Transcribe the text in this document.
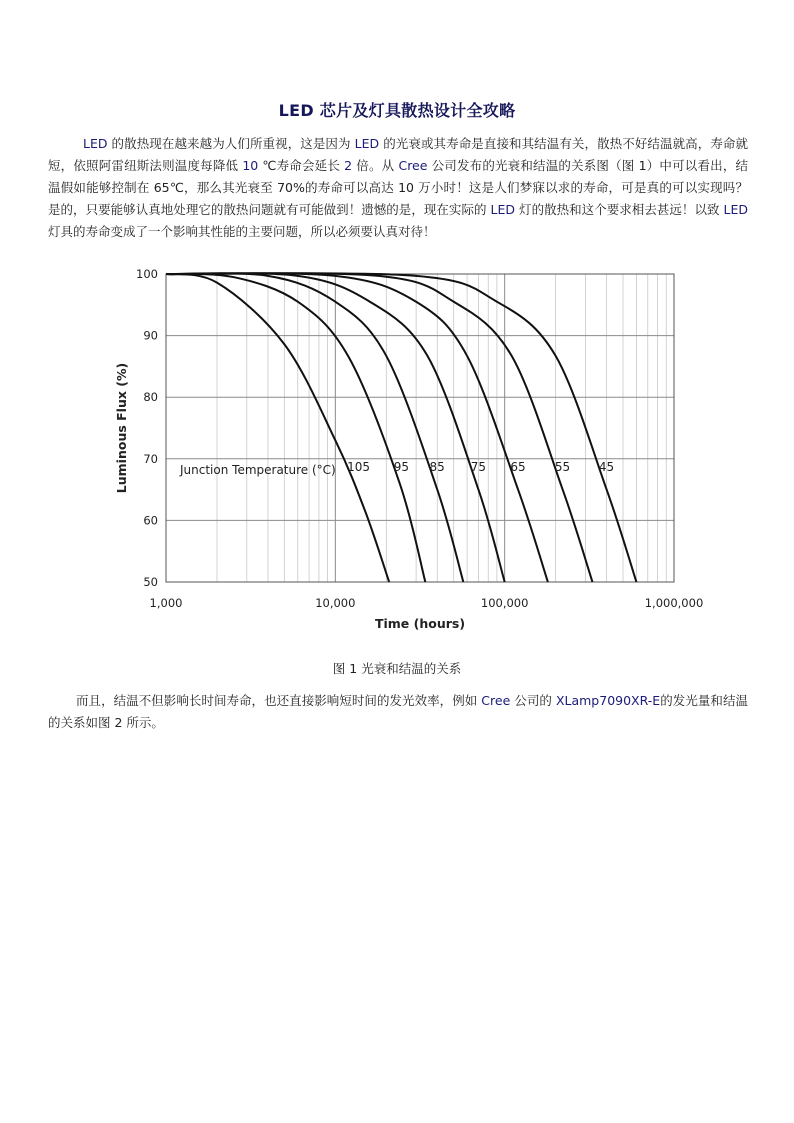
LED 芯片及灯具散热设计全攻略
LED 的散热现在越来越为人们所重视，这是因为 LED 的光衰或其寿命是直接和其结温有关，散热不好结温就高，寿命就短，依照阿雷纽斯法则温度每降低 10 ℃寿命会延长 2 倍。从 Cree 公司发布的光衰和结温的关系图（图 1）中可以看出，结温假如能够控制在 65℃，那么其光衰至 70%的寿命可以高达 10 万小时！这是人们梦寐以求的寿命，可是真的可以实现吗？是的，只要能够认真地处理它的散热问题就有可能做到！遗憾的是，现在实际的 LED 灯的散热和这个要求相去甚远！以致 LED 灯具的寿命变成了一个影响其性能的主要问题，所以必须要认真对待！
100
90
80
70
60
50
1,000	10,000	100,000	1,000,000
105 95 85 75 65 55 45
Junction Temperature (°C)
Time (hours)
Luminous Flux (%)
图 1 光衰和结温的关系
而且，结温不但影响长时间寿命，也还直接影响短时间的发光效率，例如 Cree 公司的 XLamp7090XR-E的发光量和结温的关系如图 2 所示。
